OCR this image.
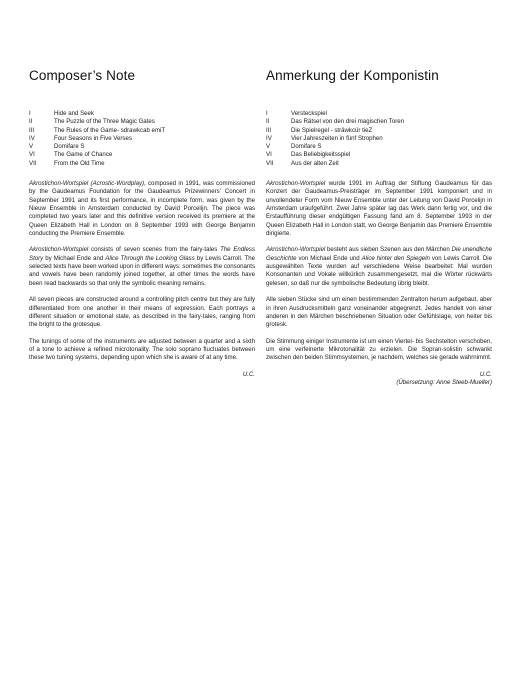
Composer’s Note
I	Hide and Seek
II	The Puzzle of the Three Magic Gates
III	The Rules of the Game- sdrawkcab emiT
IV	Four Seasons in Five Verses
V	Domifare S
VI	The Game of Chance
VII	From the Old Time

Akrostichon-Wortspiel (Acrostic-Wordplay), composed in 1991, was commissioned by the Gaudeamus Foundation for the Gaudeamus Prizewinners’ Concert in September 1991 and its first performance, in incomplete form, was given by the Nieuw Ensemble in Amsterdam conducted by David Porcelijn. The piece was completed two years later and this definitive version received its premiere at the Queen Elizabeth Hall in London on 8 September 1993 with George Benjamin conducting the Premiere Ensemble.

Akrostichon-Wortspiel consists of seven scenes from the fairy-tales The Endless Story by Michael Ende and Alice Through the Looking Glass by Lewis Carroll. The selected texts have been worked upon in different ways: sometimes the consonants and vowels have been randomly joined together, at other times the words have been read backwards so that only the symbolic meaning remains.

All seven pieces are constructed around a controlling pitch centre but they are fully differentiated from one another in their means of expression. Each portrays a different situation or emotional state, as described in the fairy-tales, ranging from the bright to the grotesque.

The tunings of some of the instruments are adjusted between a quarter and a sixth of a tone to achieve a refined microtonality. The solo soprano fluctuates between these two tuning systems, depending upon which she is aware of at any time.

U.C.

Anmerkung der Komponistin
I	Versteckspiel
II	Das Rätsel von den drei magischen Toren
III	Die Spielregel - sträwkcür tieZ
IV	Vier Jahreszeiten in fünf Strophen
V	Domifare S
VI	Das Beliebigkeitsspiel
VII	Aus der alten Zeit

Akrostichon-Wortspiel wurde 1991 im Auftrag der Stiftung Gaudeamus für das Konzert der Gaudeamus-Preisträger im September 1991 komponiert und in unvollendeter Form vom Nieuw Ensemble unter der Leitung von David Porcelijn in Amsterdam uraufgeführt. Zwei Jahre später lag das Werk dann fertig vor, und die Erstaufführung dieser endgültigen Fassung fand am 8. September 1993 in der Queen Elizabeth Hall in London statt, wo George Benjamin das Premiere Ensemble dirigierte.

Akrostichon-Wortspiel besteht aus sieben Szenen aus den Märchen Die unendliche Geschichte von Michael Ende und Alice hinter den Spiegeln von Lewis Carroll. Die ausgewählten Texte wurden auf verschiedene Weise bearbeitet: Mal wurden Konsonanten und Vokale willkürlich zusammengesetzt, mal die Wörter rückwärts gelesen, so daß nur die symbolische Bedeutung übrig bleibt.

Alle sieben Stücke sind um einen bestimmenden Zentralton herum aufgebaut, aber in ihren Ausdrucksmitteln ganz voneinander abgegrenzt. Jedes handelt von einer anderen in den Märchen beschriebenen Situation oder Gefühlslage, von heiter bis grotesk.

Die Stimmung einiger Instrumente ist um einen Viertel- bis Sechstelton verschoben, um eine verfeinerte Mikrotonalität zu erzielen. Die Sopran-solistin schwankt zwischen den beiden Stimmsystemen, je nachdem, welches sie gerade wahrnimmt.

U.C.

(Übersetzung: Anne Steeb-Mueller)
